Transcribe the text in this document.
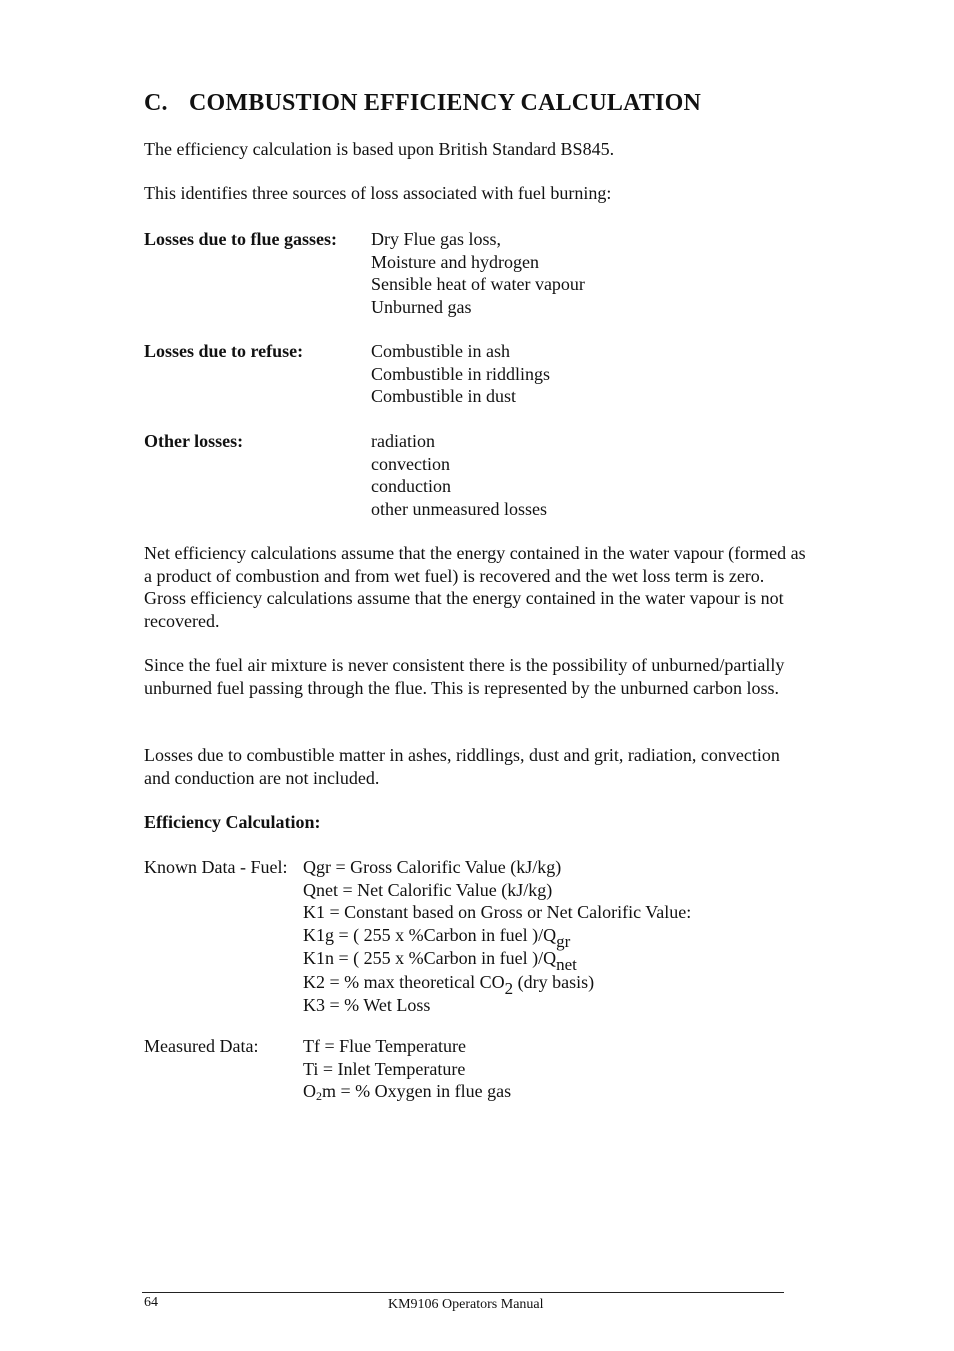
C. COMBUSTION EFFICIENCY CALCULATION

The efficiency calculation is based upon British Standard BS845.

This identifies three sources of loss associated with fuel burning:

Losses due to flue gasses: Dry Flue gas loss,
Moisture and hydrogen
Sensible heat of water vapour
Unburned gas

Losses due to refuse:	Combustible in ash
Combustible in riddlings
Combustible in dust

Other losses:	radiation
convection
conduction
other unmeasured losses

Net efficiency calculations assume that the energy contained in the water vapour (formed as a product of combustion and from wet fuel) is recovered and the wet loss term is zero. Gross efficiency calculations assume that the energy contained in the water vapour is not recovered.

Since the fuel air mixture is never consistent there is the possibility of unburned/partially unburned fuel passing through the flue. This is represented by the unburned carbon loss.

Losses due to combustible matter in ashes, riddlings, dust and grit, radiation, convection and conduction are not included.

Efficiency Calculation:

Known Data - Fuel: Qgr = Gross Calorific Value (kJ/kg)
Qnet = Net Calorific Value (kJ/kg)
K1 = Constant based on Gross or Net Calorific Value:
K1g = ( 255 x %Carbon in fuel )/Qgr
K1n = ( 255 x %Carbon in fuel )/Qnet
K2 = % max theoretical CO2 (dry basis)
K3 = % Wet Loss

Measured Data: Tf = Flue Temperature
Ti = Inlet Temperature
O2m = % Oxygen in flue gas
64	KM9106 Operators Manual
